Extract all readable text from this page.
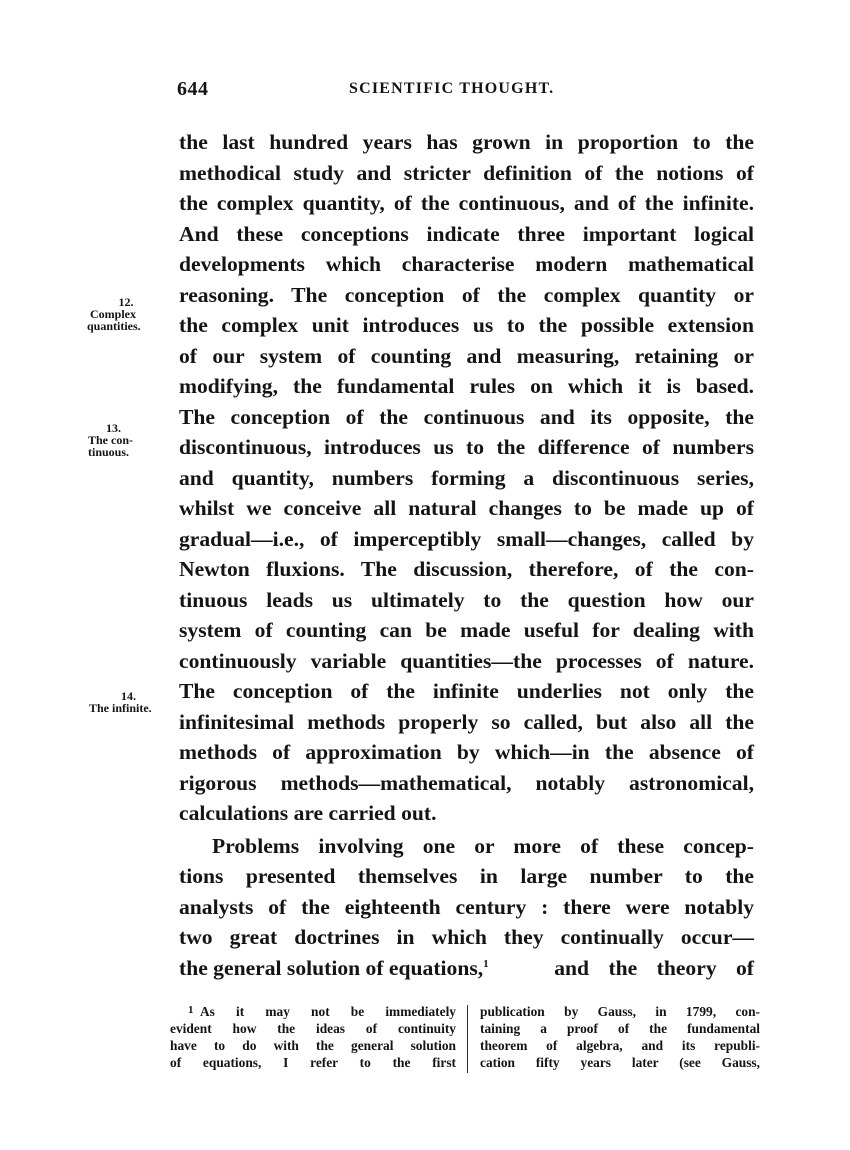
644	SCIENTIFIC THOUGHT.
12.
Complex
quantities.
13.
The con-
tinuous.
14.
The infinite.
the last hundred years has grown in proportion to the
methodical study and stricter definition of the notions of
the complex quantity, of the continuous, and of the infinite.
And these conceptions indicate three important logical
developments which characterise modern mathematical
reasoning. The conception of the complex quantity or
the complex unit introduces us to the possible extension
of our system of counting and measuring, retaining or
modifying, the fundamental rules on which it is based.
The conception of the continuous and its opposite, the
discontinuous, introduces us to the difference of numbers
and quantity, numbers forming a discontinuous series,
whilst we conceive all natural changes to be made up of
gradual—i.e., of imperceptibly small—changes, called by
Newton fluxions. The discussion, therefore, of the con-
tinuous leads us ultimately to the question how our
system of counting can be made useful for dealing with
continuously variable quantities—the processes of nature.
The conception of the infinite underlies not only the
infinitesimal methods properly so called, but also all the
methods of approximation by which—in the absence of
rigorous methods—mathematical, notably astronomical,
calculations are carried out.
Problems involving one or more of these concep-
tions presented themselves in large number to the
analysts of the eighteenth century : there were notably
two great doctrines in which they continually occur—
the general solution of equations,$^1$	and the theory of
1 As it may not be immediately
evident how the ideas of continuity
have to do with the general solution
of equations, I refer to the first
publication by Gauss, in 1799, con-
taining a proof of the fundamental
theorem of algebra, and its republi-
cation fifty years later (see Gauss,
